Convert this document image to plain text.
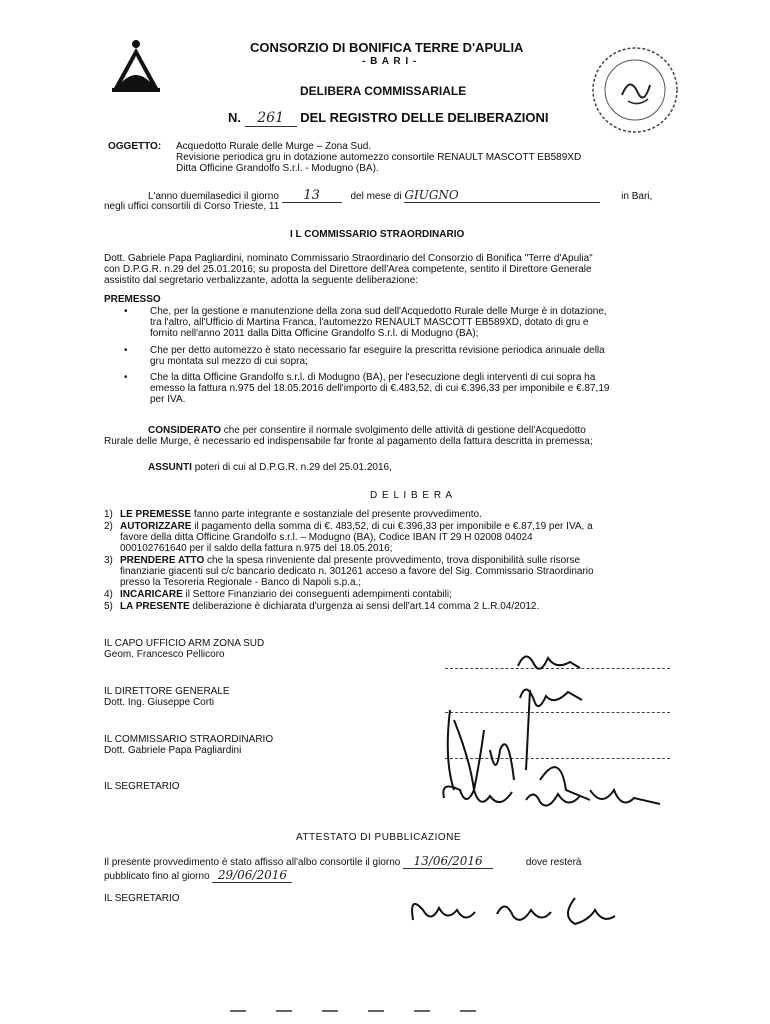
CONSORZIO DI BONIFICA TERRE D'APULIA
- B A R I -
DELIBERA COMMISSARIALE
N. 261 DEL REGISTRO DELLE DELIBERAZIONI
OGGETTO: Acquedotto Rurale delle Murge – Zona Sud.
Revisione periodica gru in dotazione automezzo consortile RENAULT MASCOTT EB589XD
Ditta Officine Grandolfo S.r.l. - Modugno (BA).
L'anno duemilasedici il giorno 13	del mese di GIUGNO	in Bari,
negli uffici consortili di Corso Trieste, 11
I L COMMISSARIO STRAORDINARIO
Dott. Gabriele Papa Pagliardini, nominato Commissario Straordinario del Consorzio di Bonifica "Terre d'Apulia"
con D.P.G.R. n.29 del 25.01.2016; su proposta del Direttore dell'Area competente, sentito il Direttore Generale
assistito dal segretario verbalizzante, adotta la seguente deliberazione:
PREMESSO
• Che, per la gestione e manutenzione della zona sud dell'Acquedotto Rurale delle Murge è in dotazione,
tra l'altro, all'Ufficio di Martina Franca, l'automezzo RENAULT MASCOTT EB589XD, dotato di gru e
fornito nell'anno 2011 dalla Ditta Officine Grandolfo S.r.l. di Modugno (BA);
• Che per detto automezzo è stato necessario far eseguire la prescritta revisione periodica annuale della
gru montata sul mezzo di cui sopra;
• Che la ditta Officine Grandolfo s.r.l. di Modugno (BA), per l'esecuzione degli interventi di cui sopra ha
emesso la fattura n.975 del 18.05.2016 dell'importo di €.483,52, di cui €.396,33 per imponibile e €.87,19
per IVA.
CONSIDERATO che per consentire il normale svolgimento delle attività di gestione dell'Acquedotto
Rurale delle Murge, è necessario ed indispensabile far fronte al pagamento della fattura descritta in premessa;
ASSUNTI poteri di cui al D.P.G.R. n.29 del 25.01.2016,
D E L I B E R A
1) LE PREMESSE fanno parte integrante e sostanziale del presente provvedimento.
2) AUTORIZZARE il pagamento della somma di €. 483,52, di cui €.396,33 per imponibile e €.87,19 per IVA, a
favore della ditta Officine Grandolfo s.r.l. – Modugno (BA), Codice IBAN IT 29 H 02008 04024
000102761640 per il saldo della fattura n.975 del 18.05.2016;
3) PRENDERE ATTO che la spesa rinveniente dal presente provvedimento, trova disponibilità sulle risorse
finanziarie giacenti sul c/c bancario dedicato n. 301261 acceso a favore del Sig. Commissario Straordinario
presso la Tesoreria Regionale - Banco di Napoli s.p.a.;
4) INCARICARE il Settore Finanziario dei conseguenti adempimenti contabili;
5) LA PRESENTE deliberazione è dichiarata d'urgenza ai sensi dell'art.14 comma 2 L.R.04/2012.
IL CAPO UFFICIO ARM ZONA SUD
Geom. Francesco Pellicoro
IL DIRETTORE GENERALE
Dott. Ing. Giuseppe Corti
IL COMMISSARIO STRAORDINARIO
Dott. Gabriele Papa Pagliardini
IL SEGRETARIO
ATTESTATO DI PUBBLICAZIONE
Il presente provvedimento è stato affisso all'albo consortile il giorno 13/06/2016	dove resterà
pubblicato fino al giorno 29/06/2016
IL SEGRETARIO
